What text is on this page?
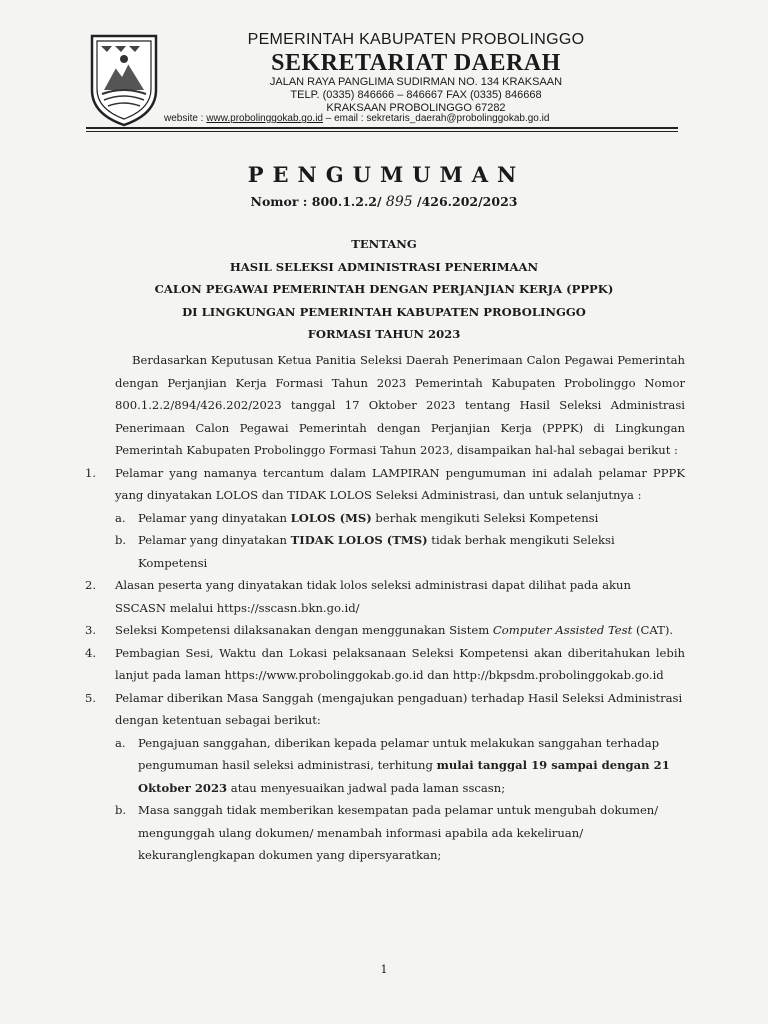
PEMERINTAH KABUPATEN PROBOLINGGO
SEKRETARIAT DAERAH
JALAN RAYA PANGLIMA SUDIRMAN NO. 134 KRAKSAAN
TELP. (0335) 846666 – 846667 FAX (0335) 846668
KRAKSAAN PROBOLINGGO 67282
website : www.probolinggokab.go.id – email : sekretaris_daerah@probolinggokab.go.id
PENGUMUMAN
Nomor : 800.1.2.2/ 895 /426.202/2023
TENTANG
HASIL SELEKSI ADMINISTRASI PENERIMAAN
CALON PEGAWAI PEMERINTAH DENGAN PERJANJIAN KERJA (PPPK)
DI LINGKUNGAN PEMERINTAH KABUPATEN PROBOLINGGO
FORMASI TAHUN 2023

Berdasarkan Keputusan Ketua Panitia Seleksi Daerah Penerimaan Calon Pegawai Pemerintah dengan Perjanjian Kerja Formasi Tahun 2023 Pemerintah Kabupaten Probolinggo Nomor 800.1.2.2/894/426.202/2023 tanggal 17 Oktober 2023 tentang Hasil Seleksi Administrasi Penerimaan Calon Pegawai Pemerintah dengan Perjanjian Kerja (PPPK) di Lingkungan Pemerintah Kabupaten Probolinggo Formasi Tahun 2023, disampaikan hal-hal sebagai berikut :

1. Pelamar yang namanya tercantum dalam LAMPIRAN pengumuman ini adalah pelamar PPPK yang dinyatakan LOLOS dan TIDAK LOLOS Seleksi Administrasi, dan untuk selanjutnya :
a. Pelamar yang dinyatakan LOLOS (MS) berhak mengikuti Seleksi Kompetensi
b. Pelamar yang dinyatakan TIDAK LOLOS (TMS) tidak berhak mengikuti Seleksi Kompetensi
2. Alasan peserta yang dinyatakan tidak lolos seleksi administrasi dapat dilihat pada akun SSCASN melalui https://sscasn.bkn.go.id/
3. Seleksi Kompetensi dilaksanakan dengan menggunakan Sistem Computer Assisted Test (CAT).
4. Pembagian Sesi, Waktu dan Lokasi pelaksanaan Seleksi Kompetensi akan diberitahukan lebih lanjut pada laman https://www.probolinggokab.go.id dan http://bkpsdm.probolinggokab.go.id
5. Pelamar diberikan Masa Sanggah (mengajukan pengaduan) terhadap Hasil Seleksi Administrasi dengan ketentuan sebagai berikut:
a. Pengajuan sanggahan, diberikan kepada pelamar untuk melakukan sanggahan terhadap pengumuman hasil seleksi administrasi, terhitung mulai tanggal 19 sampai dengan 21 Oktober 2023 atau menyesuaikan jadwal pada laman sscasn;
b. Masa sanggah tidak memberikan kesempatan pada pelamar untuk mengubah dokumen/ mengunggah ulang dokumen/ menambah informasi apabila ada kekeliruan/ kekuranglengkapan dokumen yang dipersyaratkan;
1
